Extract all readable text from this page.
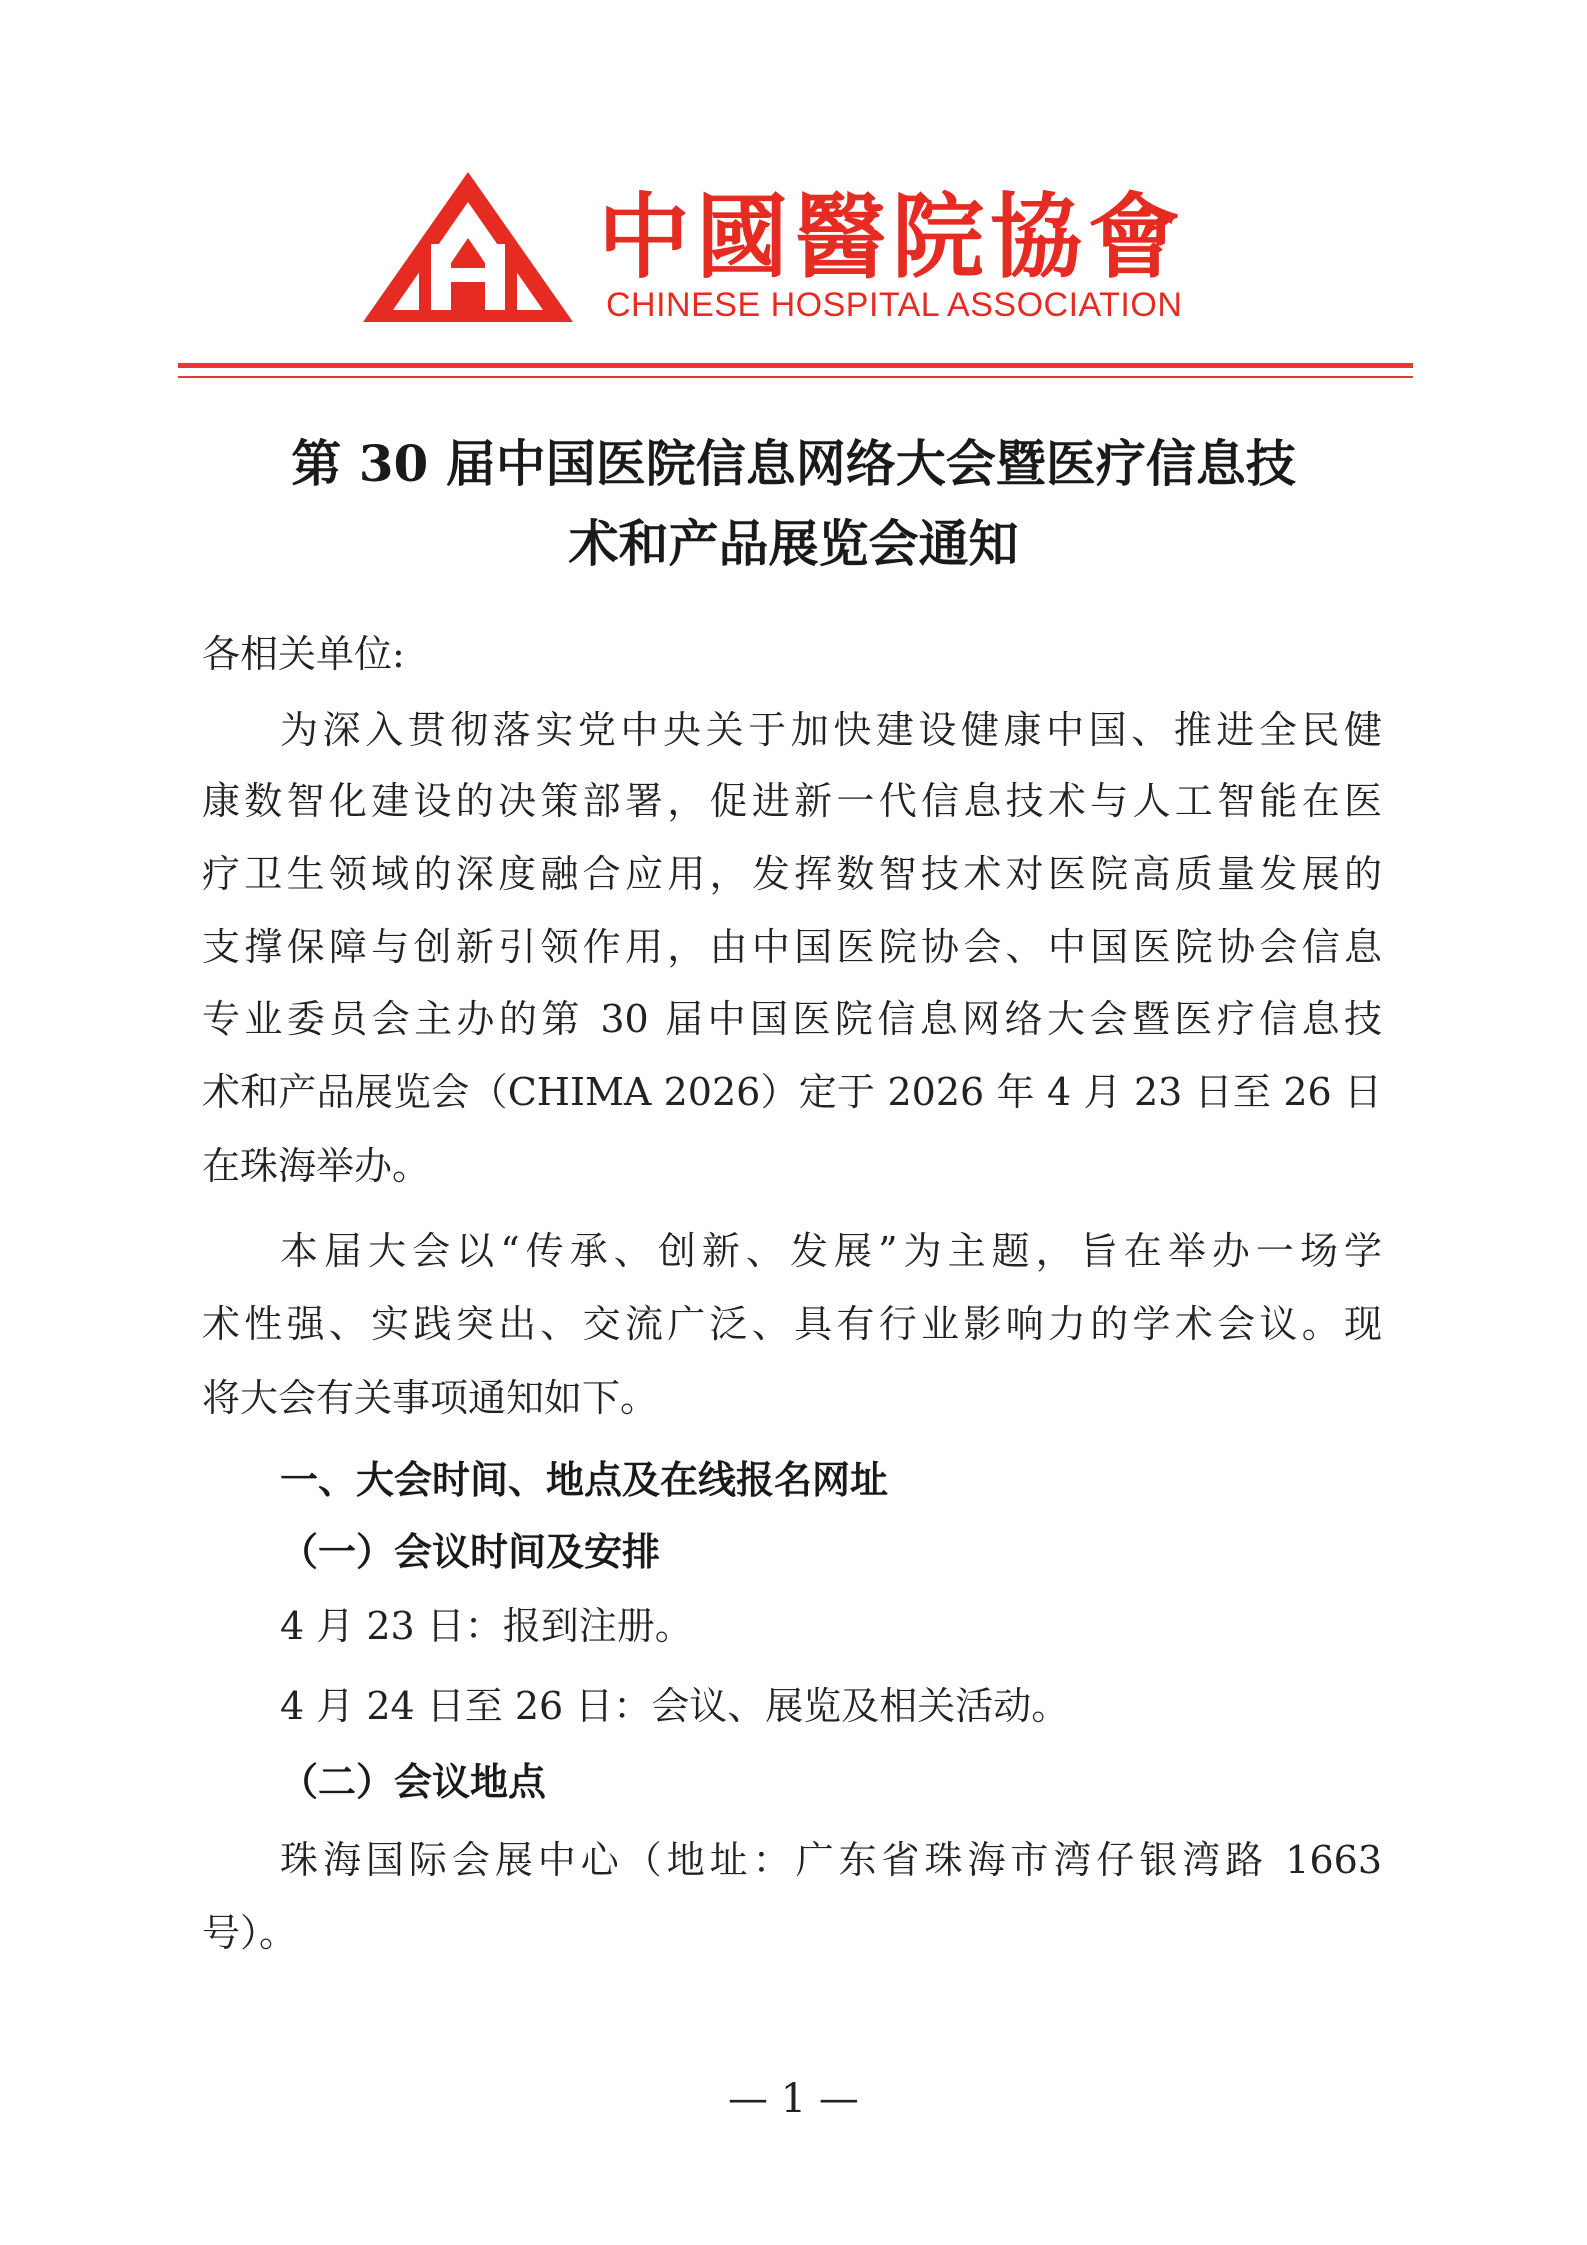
中國醫院協會
CHINESE HOSPITAL ASSOCIATION
第 30 届中国医院信息网络大会暨医疗信息技
术和产品展览会通知
各相关单位:
为深入贯彻落实党中央关于加快建设健康中国、推进全民健
康数智化建设的决策部署，促进新一代信息技术与人工智能在医
疗卫生领域的深度融合应用，发挥数智技术对医院高质量发展的
支撑保障与创新引领作用，由中国医院协会、中国医院协会信息
专业委员会主办的第 30 届中国医院信息网络大会暨医疗信息技
术和产品展览会（CHIMA 2026）定于 2026 年 4 月 23 日至 26 日
在珠海举办。
本届大会以“传承、创新、发展”为主题，旨在举办一场学
术性强、实践突出、交流广泛、具有行业影响力的学术会议。现
将大会有关事项通知如下。
一、大会时间、地点及在线报名网址
（一）会议时间及安排
4 月 23 日：报到注册。
4 月 24 日至 26 日：会议、展览及相关活动。
（二）会议地点
珠海国际会展中心（地址：广东省珠海市湾仔银湾路 1663
号）。
— 1 —
